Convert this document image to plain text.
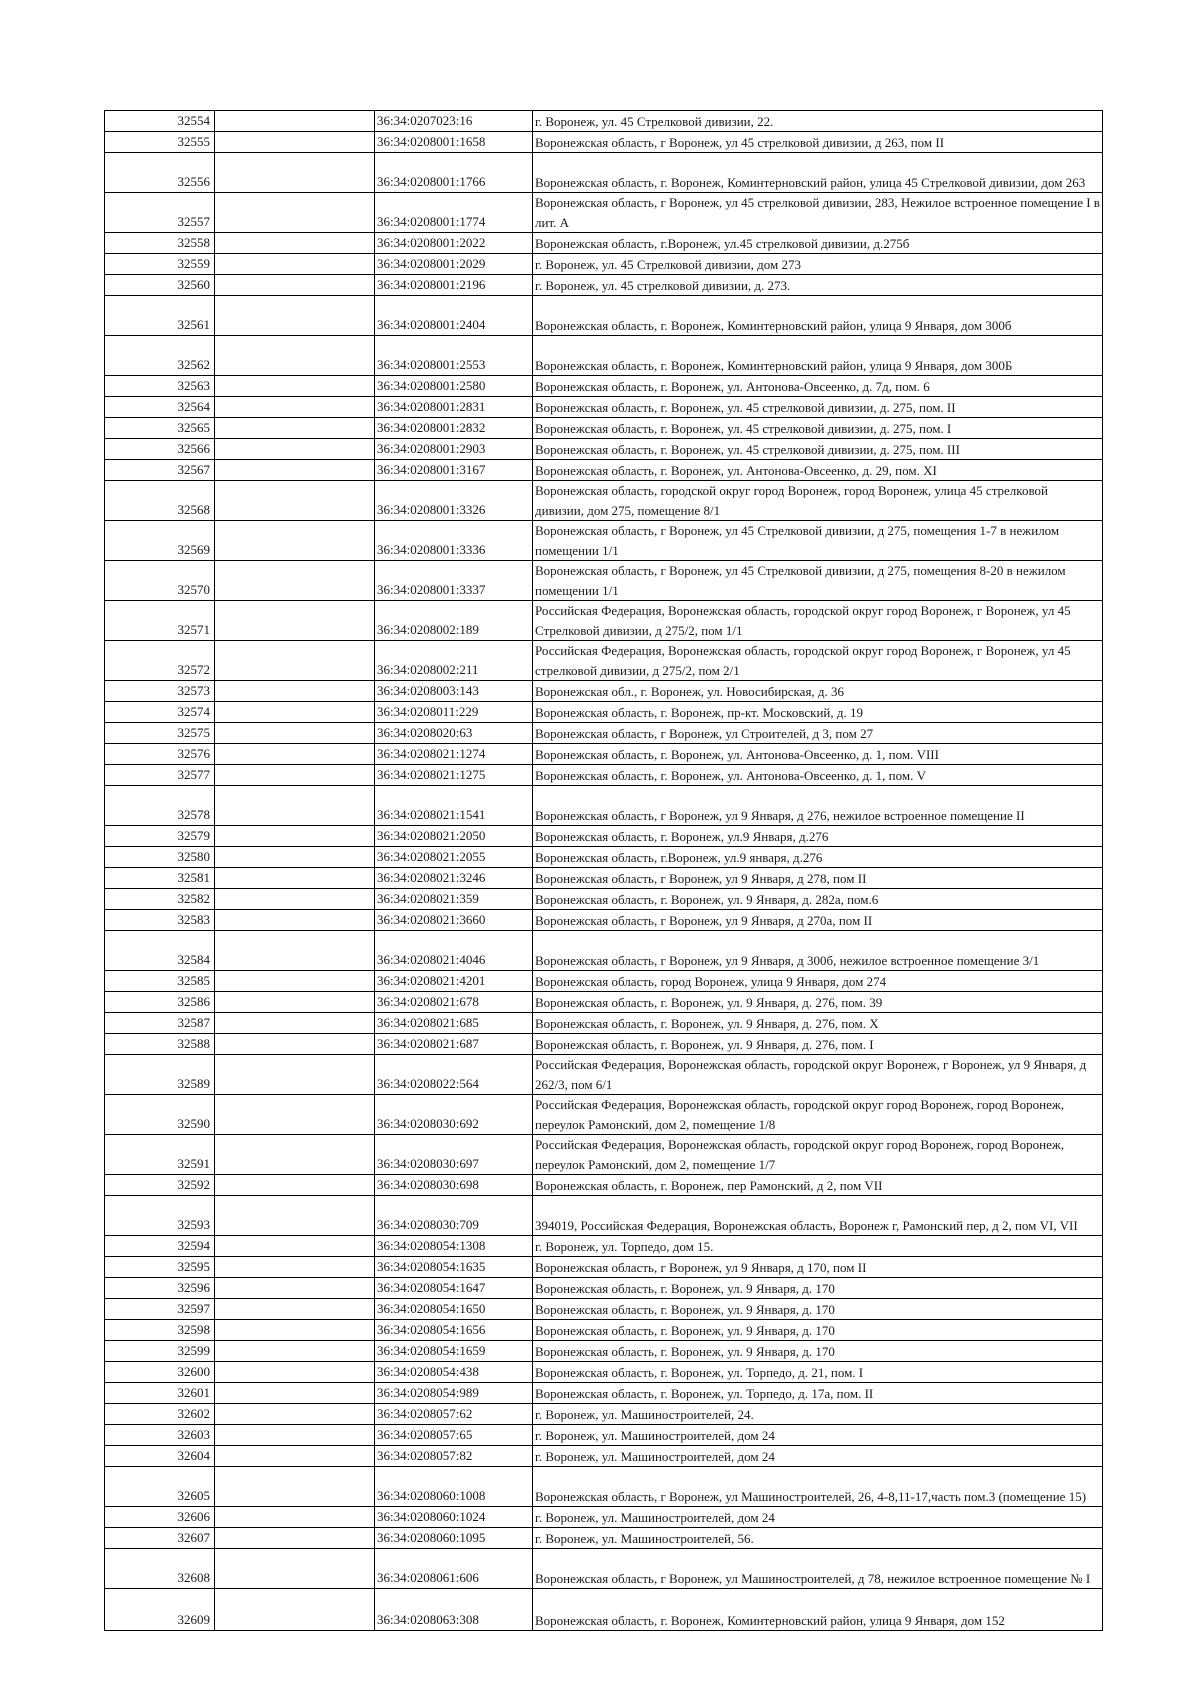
32554		36:34:0207023:16	г. Воронеж, ул. 45 Стрелковой дивизии, 22.
32555		36:34:0208001:1658	Воронежская область, г Воронеж, ул 45 стрелковой дивизии, д 263, пом II
32556		36:34:0208001:1766	Воронежская область, г. Воронеж, Коминтерновский район, улица 45 Стрелковой дивизии, дом 263
32557		36:34:0208001:1774	Воронежская область, г Воронеж, ул 45 стрелковой дивизии, 283, Нежилое встроенное помещение I в лит. А
32558		36:34:0208001:2022	Воронежская область, г.Воронеж, ул.45 стрелковой дивизии, д.275б
32559		36:34:0208001:2029	г. Воронеж, ул. 45 Стрелковой дивизии, дом 273
32560		36:34:0208001:2196	г. Воронеж, ул. 45 стрелковой дивизии, д. 273.
32561		36:34:0208001:2404	Воронежская область, г. Воронеж, Коминтерновский район, улица 9 Января, дом 300б
32562		36:34:0208001:2553	Воронежская область, г. Воронеж, Коминтерновский район, улица 9 Января, дом 300Б
32563		36:34:0208001:2580	Воронежская область, г. Воронеж, ул. Антонова-Овсеенко, д. 7д, пом. 6
32564		36:34:0208001:2831	Воронежская область, г. Воронеж, ул. 45 стрелковой дивизии, д. 275, пом. II
32565		36:34:0208001:2832	Воронежская область, г. Воронеж, ул. 45 стрелковой дивизии, д. 275, пом. I
32566		36:34:0208001:2903	Воронежская область, г. Воронеж, ул. 45 стрелковой дивизии, д. 275, пом. III
32567		36:34:0208001:3167	Воронежская область, г. Воронеж, ул. Антонова-Овсеенко, д. 29, пом. XI
32568		36:34:0208001:3326	Воронежская область, городской округ город Воронеж, город Воронеж, улица 45 стрелковой дивизии, дом 275, помещение 8/1
32569		36:34:0208001:3336	Воронежская область, г Воронеж, ул 45 Стрелковой дивизии, д 275, помещения 1-7 в нежилом помещении 1/1
32570		36:34:0208001:3337	Воронежская область, г Воронеж, ул 45 Стрелковой дивизии, д 275, помещения 8-20 в нежилом помещении 1/1
32571		36:34:0208002:189	Российская Федерация, Воронежская область, городской округ город Воронеж, г Воронеж, ул 45 Стрелковой дивизии, д 275/2, пом 1/1
32572		36:34:0208002:211	Российская Федерация, Воронежская область, городской округ город Воронеж, г Воронеж, ул 45 стрелковой дивизии, д 275/2, пом 2/1
32573		36:34:0208003:143	Воронежская обл., г. Воронеж, ул. Новосибирская, д. 36
32574		36:34:0208011:229	Воронежская область, г. Воронеж, пр-кт. Московский, д. 19
32575		36:34:0208020:63	Воронежская область, г Воронеж, ул Строителей, д 3, пом 27
32576		36:34:0208021:1274	Воронежская область, г. Воронеж, ул. Антонова-Овсеенко, д. 1, пом. VIII
32577		36:34:0208021:1275	Воронежская область, г. Воронеж, ул. Антонова-Овсеенко, д. 1, пом. V
32578		36:34:0208021:1541	Воронежская область, г Воронеж, ул 9 Января, д 276, нежилое встроенное помещение II
32579		36:34:0208021:2050	Воронежская область, г. Воронеж, ул.9 Января, д.276
32580		36:34:0208021:2055	Воронежская область, г.Воронеж, ул.9 января, д.276
32581		36:34:0208021:3246	Воронежская область, г Воронеж, ул 9 Января, д 278, пом II
32582		36:34:0208021:359	Воронежская область, г. Воронеж, ул. 9 Января, д. 282а, пом.6
32583		36:34:0208021:3660	Воронежская область, г Воронеж, ул 9 Января, д 270а, пом II
32584		36:34:0208021:4046	Воронежская область, г Воронеж, ул 9 Января, д 300б, нежилое встроенное помещение 3/1
32585		36:34:0208021:4201	Воронежская область, город Воронеж, улица 9 Января, дом 274
32586		36:34:0208021:678	Воронежская область, г. Воронеж, ул. 9 Января, д. 276, пом. 39
32587		36:34:0208021:685	Воронежская область, г. Воронеж, ул. 9 Января, д. 276, пом. X
32588		36:34:0208021:687	Воронежская область, г. Воронеж, ул. 9 Января, д. 276, пом. I
32589		36:34:0208022:564	Российская Федерация, Воронежская область, городской округ Воронеж, г Воронеж, ул 9 Января, д 262/3, пом 6/1
32590		36:34:0208030:692	Российская Федерация, Воронежская область, городской округ город Воронеж, город Воронеж, переулок Рамонский, дом 2, помещение 1/8
32591		36:34:0208030:697	Российская Федерация, Воронежская область, городской округ город Воронеж, город Воронеж, переулок Рамонский, дом 2, помещение 1/7
32592		36:34:0208030:698	Воронежская область, г. Воронеж, пер Рамонский, д 2, пом VII
32593		36:34:0208030:709	394019, Российская Федерация, Воронежская область, Воронеж г, Рамонский пер, д 2, пом VI, VII
32594		36:34:0208054:1308	г. Воронеж, ул. Торпедо, дом 15.
32595		36:34:0208054:1635	Воронежская область, г Воронеж, ул 9 Января, д 170, пом II
32596		36:34:0208054:1647	Воронежская область, г. Воронеж, ул. 9 Января, д. 170
32597		36:34:0208054:1650	Воронежская область, г. Воронеж, ул. 9 Января, д. 170
32598		36:34:0208054:1656	Воронежская область, г. Воронеж, ул. 9 Января, д. 170
32599		36:34:0208054:1659	Воронежская область, г. Воронеж, ул. 9 Января, д. 170
32600		36:34:0208054:438	Воронежская область, г. Воронеж, ул. Торпедо, д. 21, пом. I
32601		36:34:0208054:989	Воронежская область, г. Воронеж, ул. Торпедо, д. 17а, пом. II
32602		36:34:0208057:62	г. Воронеж, ул. Машиностроителей, 24.
32603		36:34:0208057:65	г. Воронеж, ул. Машиностроителей, дом 24
32604		36:34:0208057:82	г. Воронеж, ул. Машиностроителей, дом 24
32605		36:34:0208060:1008	Воронежская область, г Воронеж, ул Машиностроителей, 26, 4-8,11-17,часть пом.3 (помещение 15)
32606		36:34:0208060:1024	г. Воронеж, ул. Машиностроителей, дом 24
32607		36:34:0208060:1095	г. Воронеж, ул. Машиностроителей, 56.
32608		36:34:0208061:606	Воронежская область, г Воронеж, ул Машиностроителей, д 78, нежилое встроенное помещение № I
32609		36:34:0208063:308	Воронежская область, г. Воронеж, Коминтерновский район, улица 9 Января, дом 152
